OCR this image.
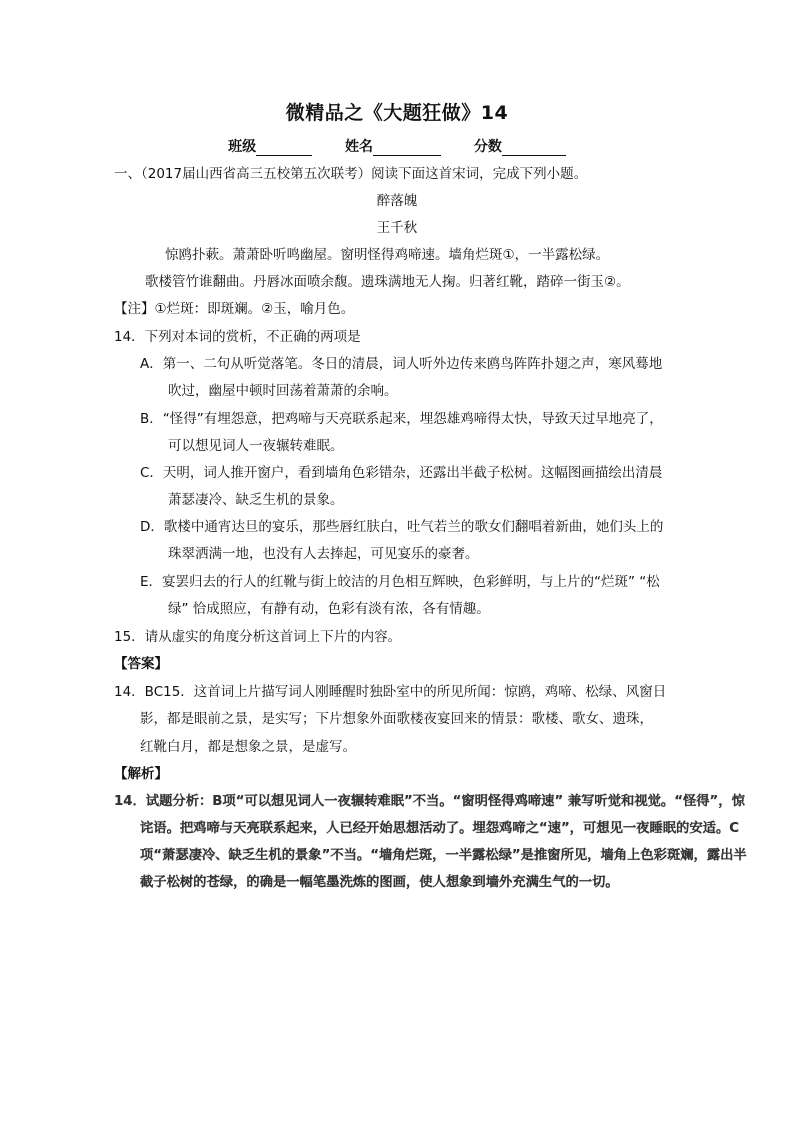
微精品之《大题狂做》14
班级	姓名	分数
一、（2017届山西省高三五校第五次联考）阅读下面这首宋词，完成下列小题。
醉落魄
王千秋
惊鸥扑蔌。萧萧卧听鸣幽屋。窗明怪得鸡啼速。墙角烂斑①，一半露松绿。
歌楼管竹谁翻曲。丹唇冰面喷余馥。遗珠满地无人掬。归著红靴，踏碎一街玉②。
【注】①烂斑：即斑斓。②玉，喻月色。
14．下列对本词的赏析，不正确的两项是
A．第一、二句从听觉落笔。冬日的清晨，词人听外边传来鸥鸟阵阵扑翅之声，寒风蓦地
吹过，幽屋中顿时回荡着萧萧的余响。
B．“怪得”有埋怨意，把鸡啼与天亮联系起来，埋怨雄鸡啼得太快，导致天过早地亮了，
可以想见词人一夜辗转难眠。
C．天明，词人推开窗户，看到墙角色彩错杂，还露出半截子松树。这幅图画描绘出清晨
萧瑟凄冷、缺乏生机的景象。
D．歌楼中通宵达旦的宴乐，那些唇红肤白，吐气若兰的歌女们翻唱着新曲，她们头上的
珠翠洒满一地，也没有人去捧起，可见宴乐的豪奢。
E．宴罢归去的行人的红靴与街上皎洁的月色相互辉映，色彩鲜明，与上片的“烂斑” “松
绿” 恰成照应，有静有动，色彩有淡有浓，各有情趣。
15．请从虚实的角度分析这首词上下片的内容。
【答案】
14．BC15．这首词上片描写词人刚睡醒时独卧室中的所见所闻：惊鸥，鸡啼、松绿、风窗日
影，都是眼前之景，是实写；下片想象外面歌楼夜宴回来的情景：歌楼、歌女、遗珠，
红靴白月，都是想象之景，是虚写。
【解析】
14．试题分析：B项“可以想见词人一夜辗转难眠”不当。“窗明怪得鸡啼速” 兼写听觉和视觉。“怪得”，惊
诧语。把鸡啼与天亮联系起来，人已经开始思想活动了。埋怨鸡啼之“速”，可想见一夜睡眠的安适。C
项“萧瑟凄冷、缺乏生机的景象”不当。“墙角烂斑，一半露松绿”是推窗所见，墙角上色彩斑斓，露出半
截子松树的苍绿，的确是一幅笔墨洗炼的图画，使人想象到墙外充满生气的一切。
